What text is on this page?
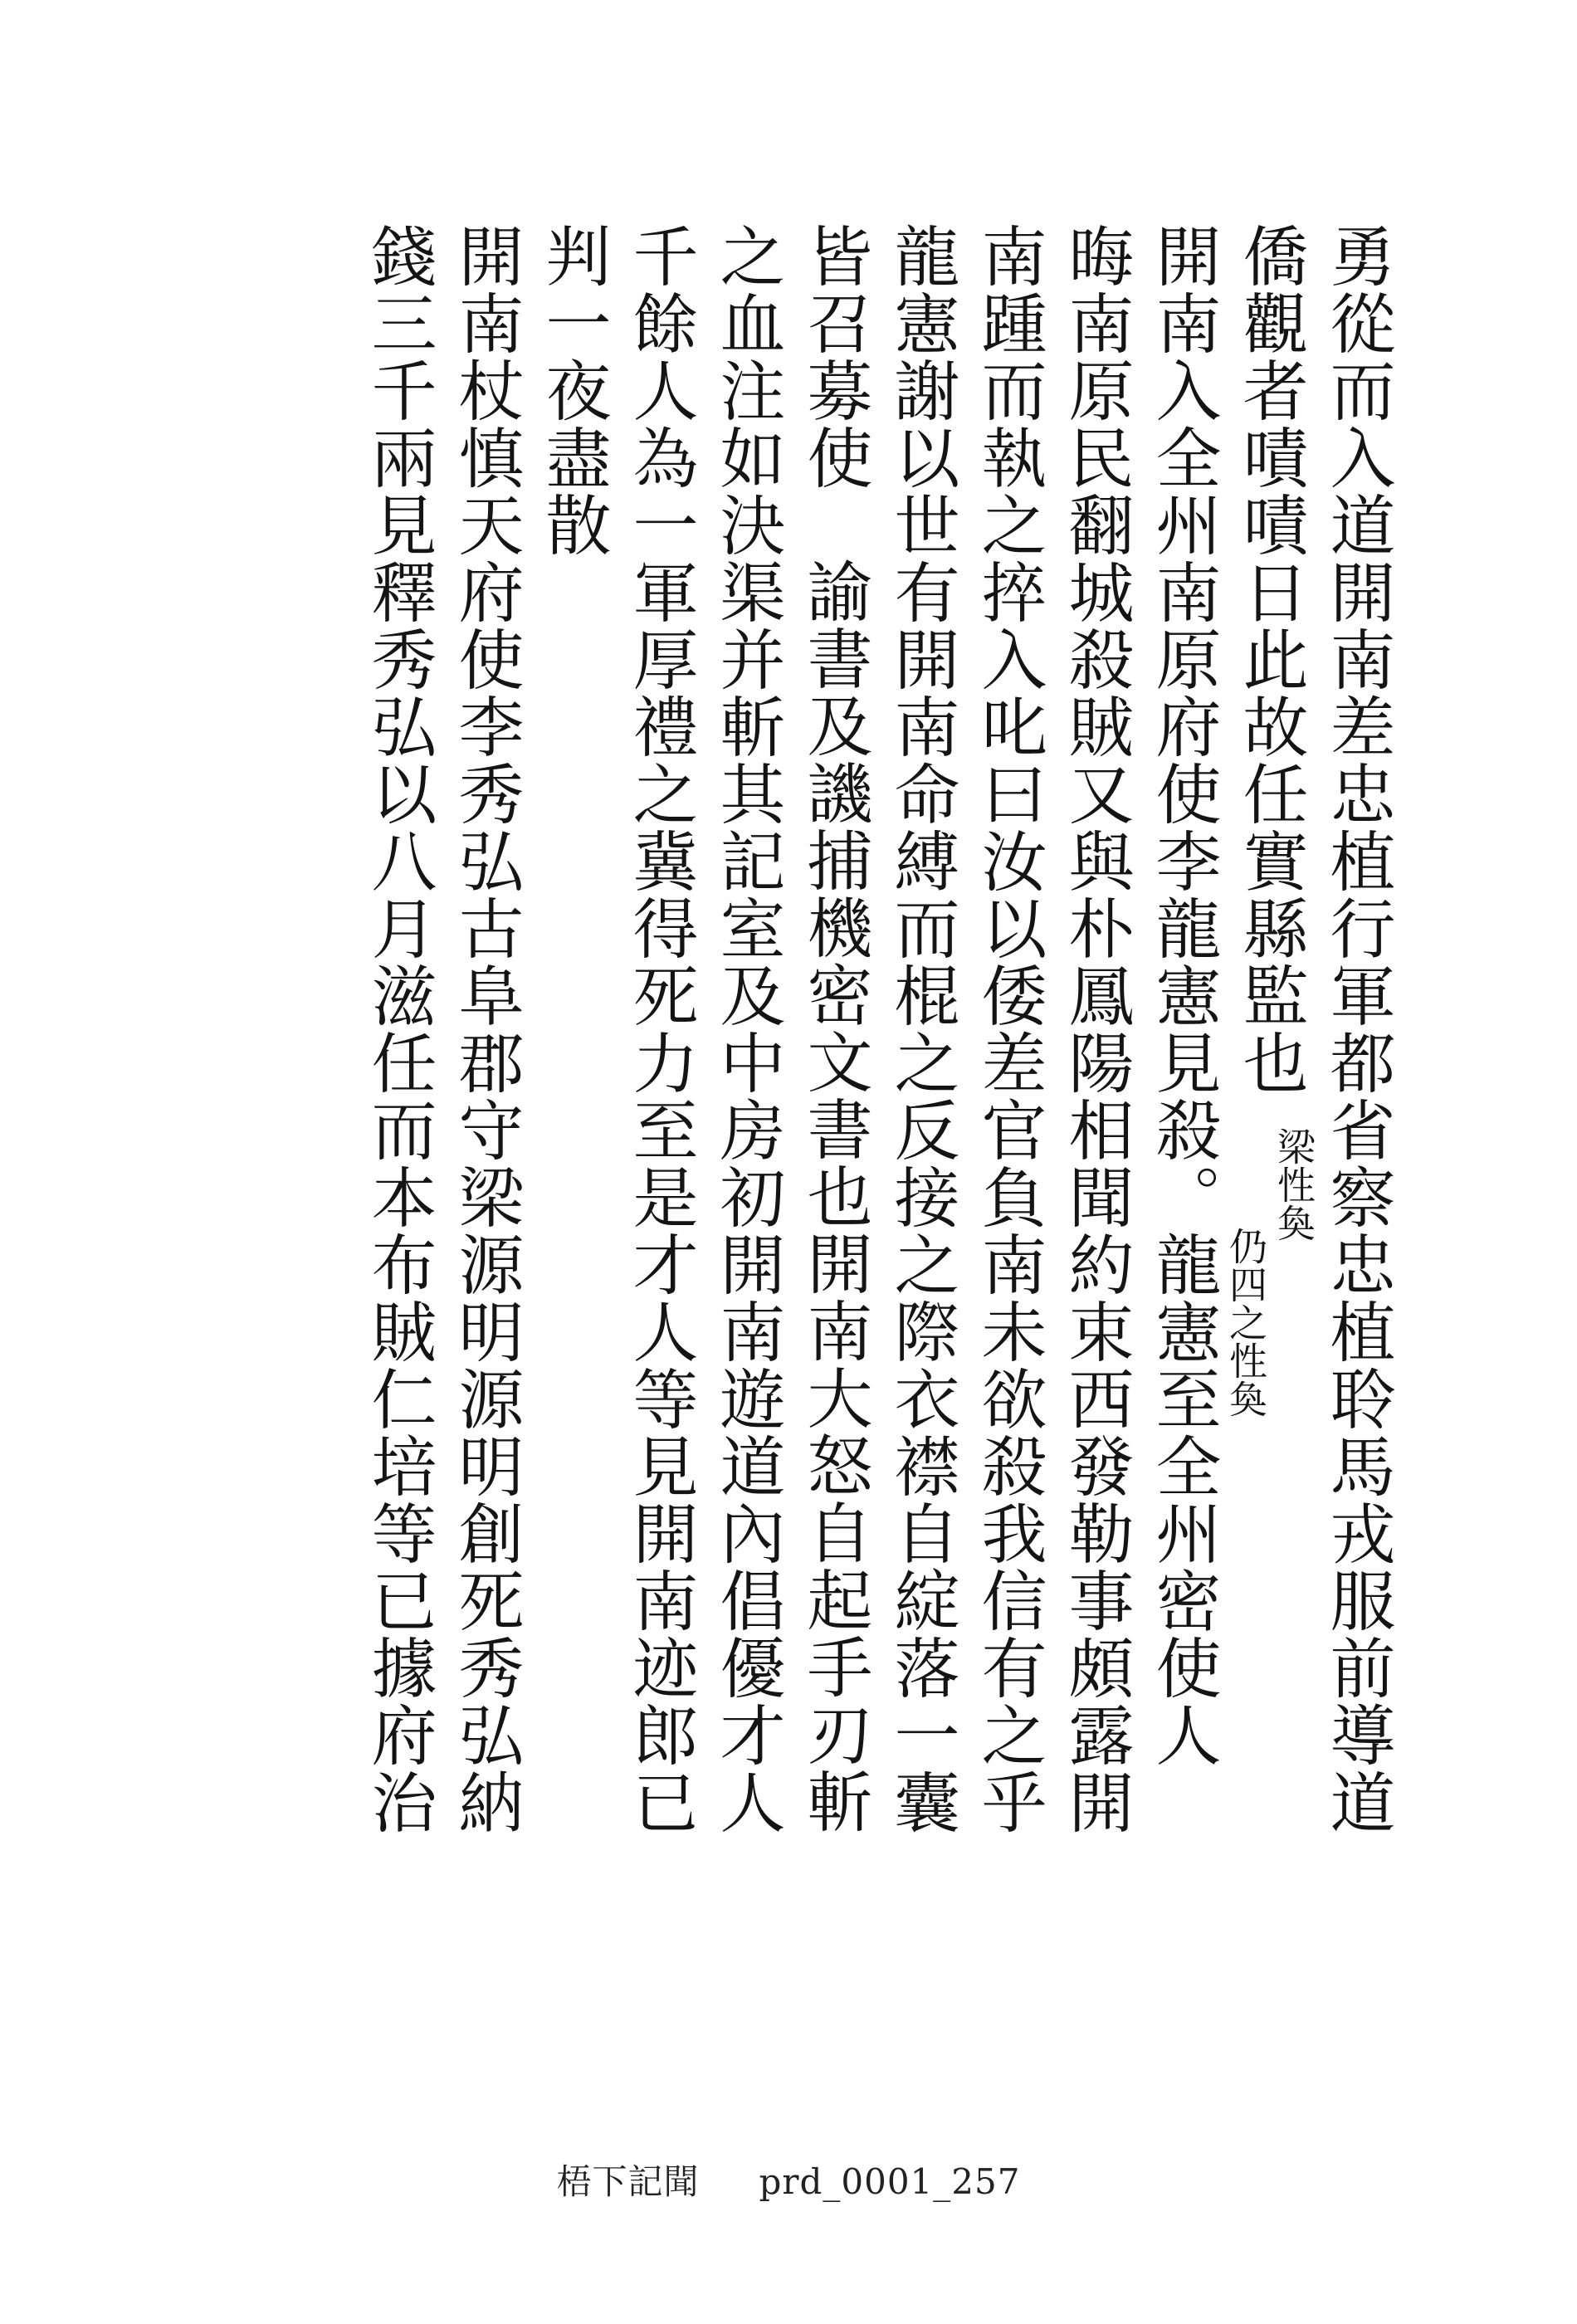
勇從而入道開南差忠植行軍都省察忠植聆馬戎服前導道
僑觀者嘖嘖日此故任實縣監也
開南入全州南原府使李龍憲見殺。龍憲至全州密使人
晦南原民翻城殺賊又與朴鳳陽相聞約束西發勒事頗露開
南踵而執之捽入叱曰汝以倭差官負南未欲殺我信有之乎
龍憲謝以世有開南命縛而棍之反接之際衣襟自綻落一囊
皆召募使諭書及譏捕機密文書也開南大怒自起手刃斬
之血注如決渠并斬其記室及中房初開南遊道內倡優才人
千餘人為一軍厚禮之冀得死力至是才人等見開南迹郎已
判一夜盡散
開南杖慎天府使李秀弘古阜郡守梁源明源明創死秀弘納
錢三千兩見釋秀弘以八月滋任而本布賊仁培等已據府治	梁性奐
仍四之性奐
梧下記聞 prd_0001_257
